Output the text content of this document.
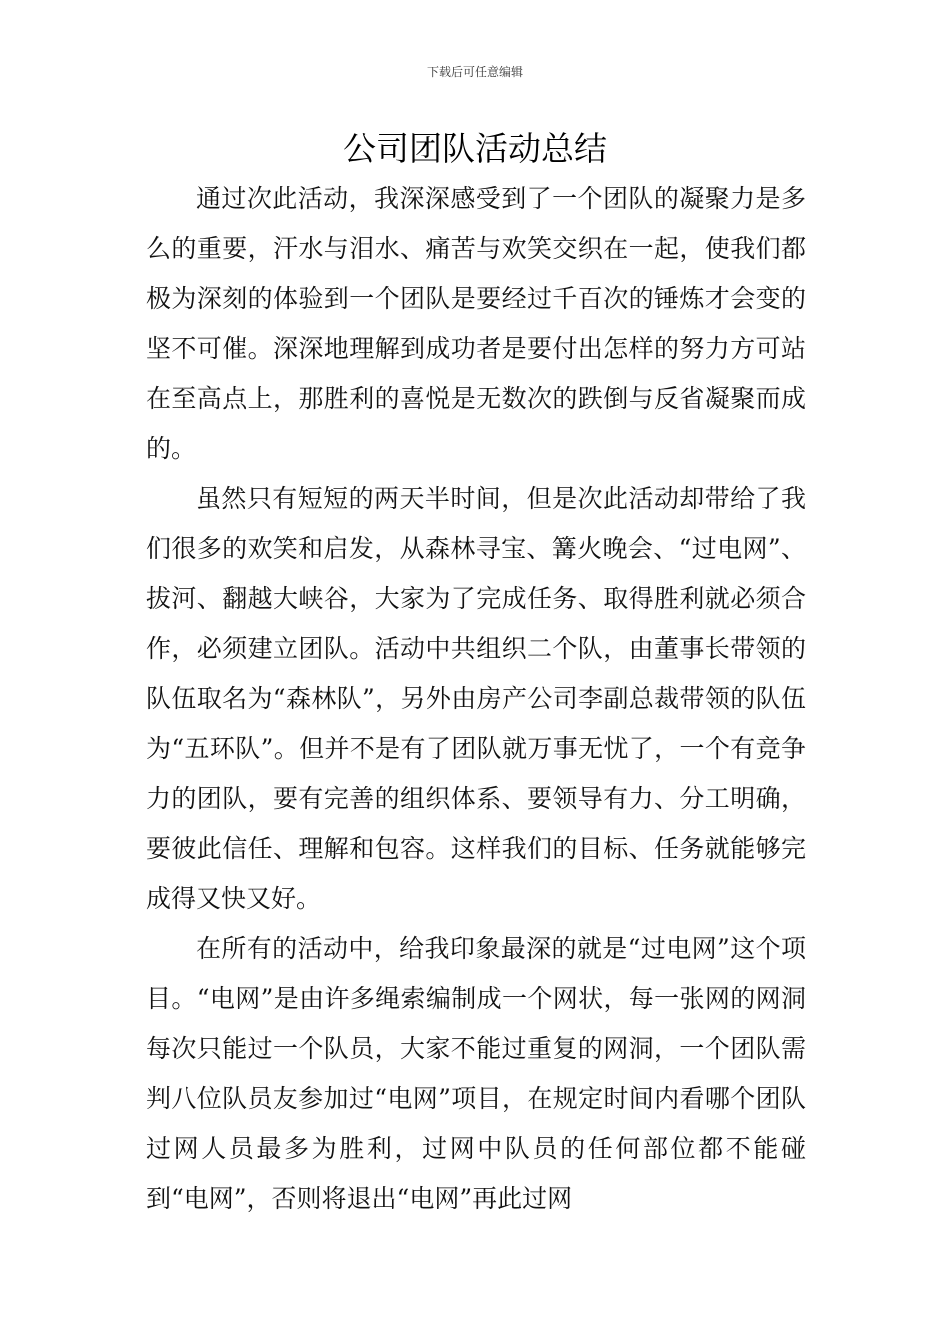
下载后可任意编辑
公司团队活动总结

通过次此活动，我深深感受到了一个团队的凝聚力是多么的重要，汗水与泪水、痛苦与欢笑交织在一起，使我们都极为深刻的体验到一个团队是要经过千百次的锤炼才会变的坚不可催。深深地理解到成功者是要付出怎样的努力方可站在至高点上，那胜利的喜悦是无数次的跌倒与反省凝聚而成的。

虽然只有短短的两天半时间，但是次此活动却带给了我们很多的欢笑和启发，从森林寻宝、篝火晚会、“过电网”、拔河、翻越大峡谷，大家为了完成任务、取得胜利就必须合作，必须建立团队。活动中共组织二个队，由董事长带领的队伍取名为“森林队”，另外由房产公司李副总裁带领的队伍为“五环队”。但并不是有了团队就万事无忧了，一个有竞争力的团队，要有完善的组织体系、要领导有力、分工明确，要彼此信任、理解和包容。这样我们的目标、任务就能够完成得又快又好。

在所有的活动中，给我印象最深的就是“过电网”这个项目。“电网”是由许多绳索编制成一个网状，每一张网的网洞每次只能过一个队员，大家不能过重复的网洞，一个团队需判八位队员友参加过“电网”项目，在规定时间内看哪个团队过网人员最多为胜利，过网中队员的任何部位都不能碰到“电网”，否则将退出“电网”再此过网
